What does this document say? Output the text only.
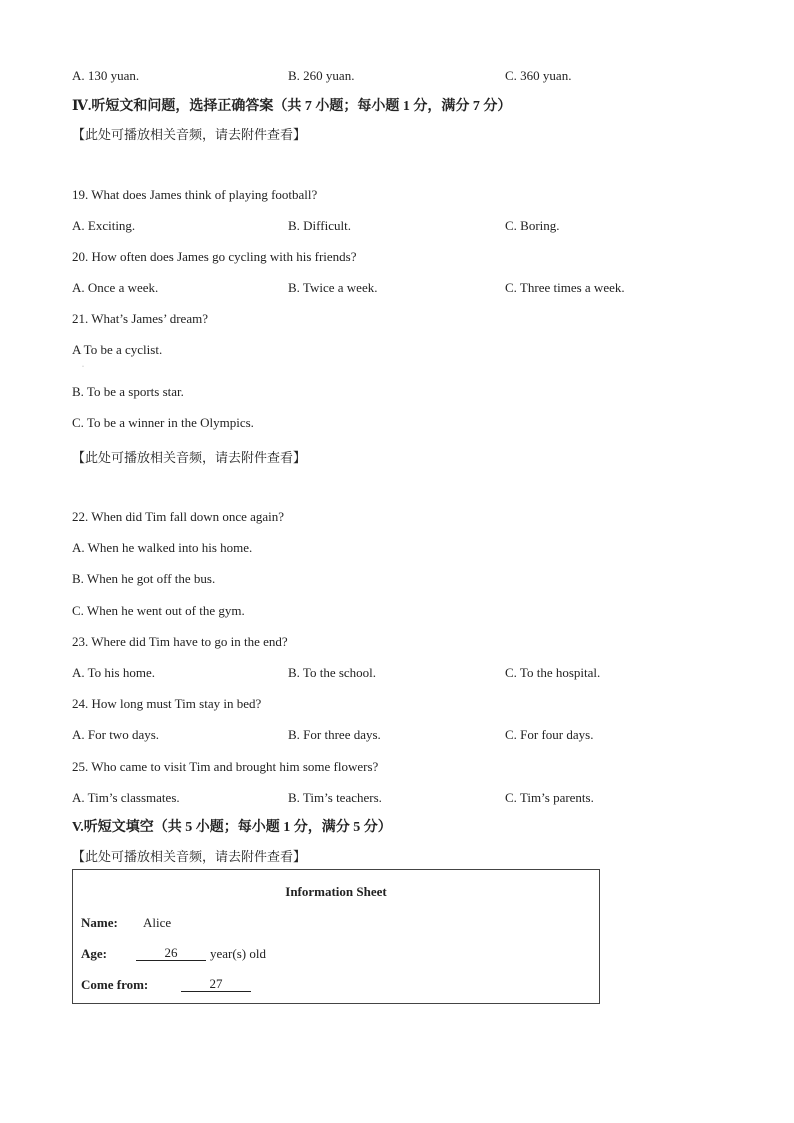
A. 130 yuan.	B. 260 yuan.	C. 360 yuan.
Ⅳ.听短文和问题，选择正确答案（共 7 小题；每小题 1 分，满分 7 分）
【此处可播放相关音频，请去附件查看】
19. What does James think of playing football?
A. Exciting.	B. Difficult.	C. Boring.
20. How often does James go cycling with his friends?
A. Once a week.	B. Twice a week.	C. Three times a week.
21. What’s James’ dream?
A To be a cyclist.
·
B. To be a sports star.
C. To be a winner in the Olympics.
【此处可播放相关音频，请去附件查看】
22. When did Tim fall down once again?
A. When he walked into his home.
B. When he got off the bus.
C. When he went out of the gym.
23. Where did Tim have to go in the end?
A. To his home.	B. To the school.	C. To the hospital.
24. How long must Tim stay in bed?
A. For two days.	B. For three days.	C. For four days.
25. Who came to visit Tim and brought him some flowers?
A. Tim’s classmates.	B. Tim’s teachers.	C. Tim’s parents.
V.听短文填空（共 5 小题；每小题 1 分，满分 5 分）
【此处可播放相关音频，请去附件查看】
Information Sheet
Name: Alice
Age:	26	year(s) old
Come from:	27
